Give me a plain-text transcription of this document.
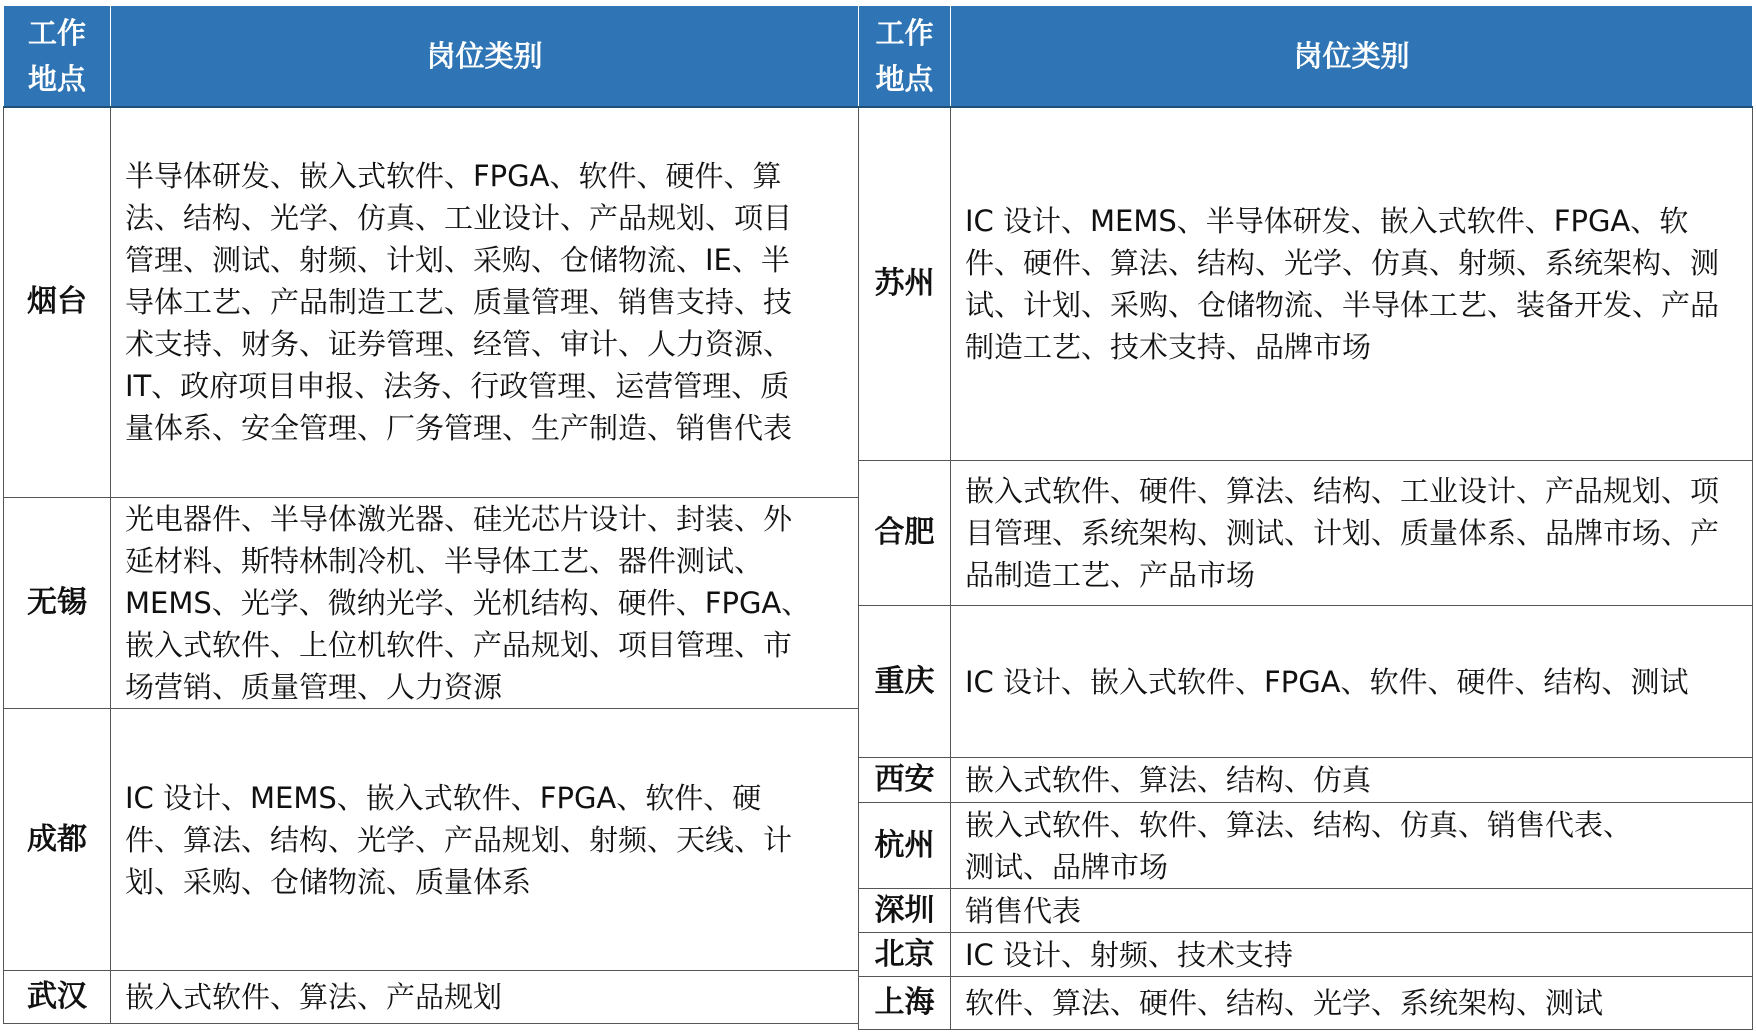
工作地点	岗位类别
烟台	半导体研发、嵌入式软件、FPGA、软件、硬件、算法、结构、光学、仿真、工业设计、产品规划、项目管理、测试、射频、计划、采购、仓储物流、IE、半导体工艺、产品制造工艺、质量管理、销售支持、技术支持、财务、证券管理、经管、审计、人力资源、IT、政府项目申报、法务、行政管理、运营管理、质量体系、安全管理、厂务管理、生产制造、销售代表
无锡	光电器件、半导体激光器、硅光芯片设计、封装、外延材料、斯特林制冷机、半导体工艺、器件测试、MEMS、光学、微纳光学、光机结构、硬件、FPGA、嵌入式软件、上位机软件、产品规划、项目管理、市场营销、质量管理、人力资源
成都	IC 设计、MEMS、嵌入式软件、FPGA、软件、硬件、算法、结构、光学、产品规划、射频、天线、计划、采购、仓储物流、质量体系
武汉	嵌入式软件、算法、产品规划
工作地点	岗位类别
苏州	IC 设计、MEMS、半导体研发、嵌入式软件、FPGA、软件、硬件、算法、结构、光学、仿真、射频、系统架构、测试、计划、采购、仓储物流、半导体工艺、装备开发、产品制造工艺、技术支持、品牌市场
合肥	嵌入式软件、硬件、算法、结构、工业设计、产品规划、项目管理、系统架构、测试、计划、质量体系、品牌市场、产品制造工艺、产品市场
重庆	IC 设计、嵌入式软件、FPGA、软件、硬件、结构、测试
西安	嵌入式软件、算法、结构、仿真
杭州	嵌入式软件、软件、算法、结构、仿真、销售代表、测试、品牌市场
深圳	销售代表
北京	IC 设计、射频、技术支持
上海	软件、算法、硬件、结构、光学、系统架构、测试
